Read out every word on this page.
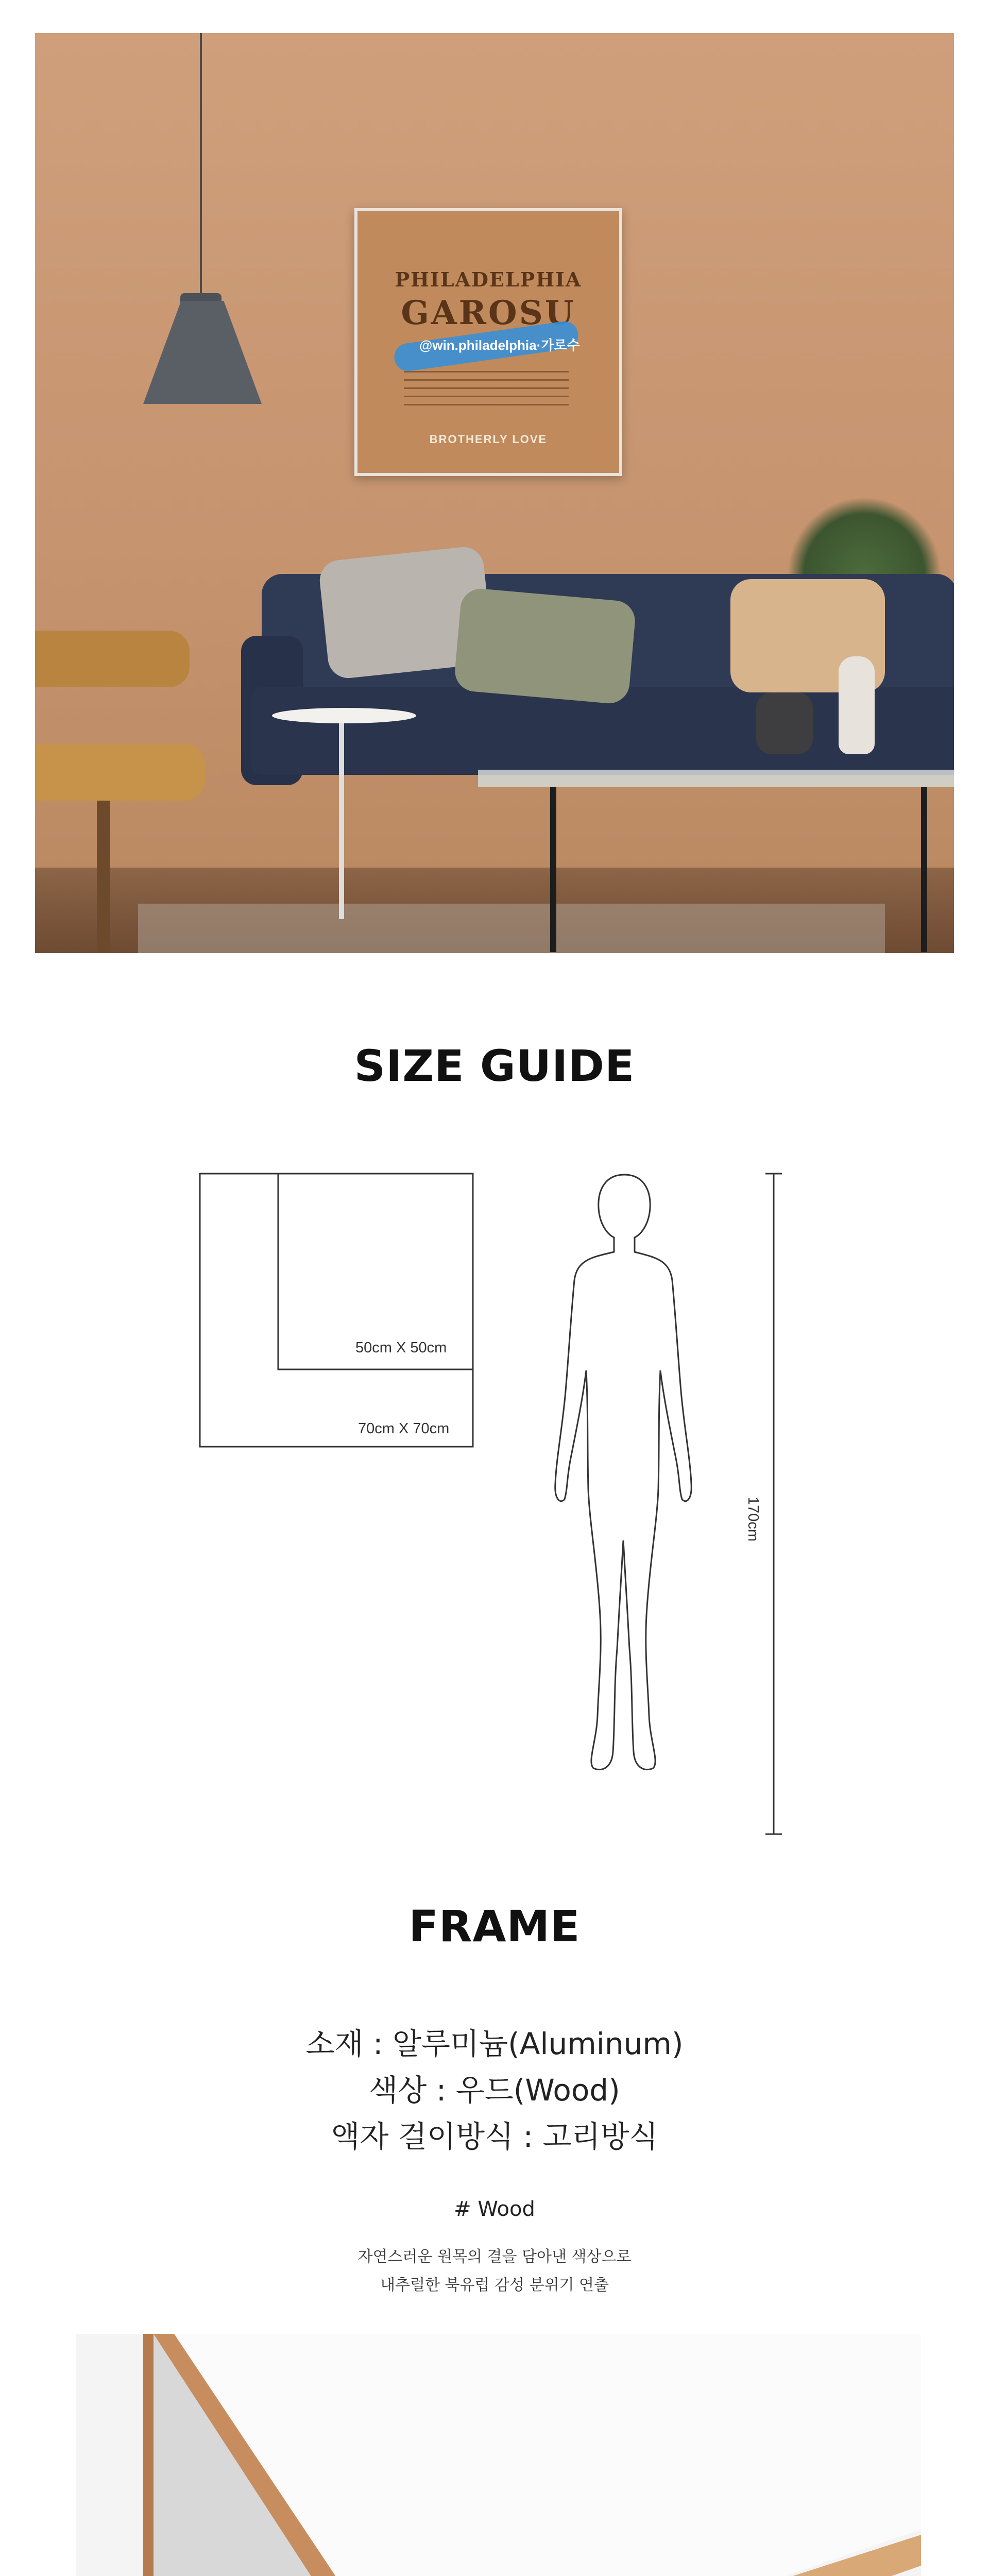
PHILADELPHIA
GAROSU
@win.philadelphia·가로수
BROTHERLY LOVE
SIZE GUIDE
50cm X 50cm
70cm X 70cm
170cm
FRAME
소재 : 알루미늄(Aluminum)
색상 : 우드(Wood)
액자 걸이방식 : 고리방식
# Wood
자연스러운 원목의 결을 담아낸 색상으로
내추럴한 북유럽 감성 분위기 연출
